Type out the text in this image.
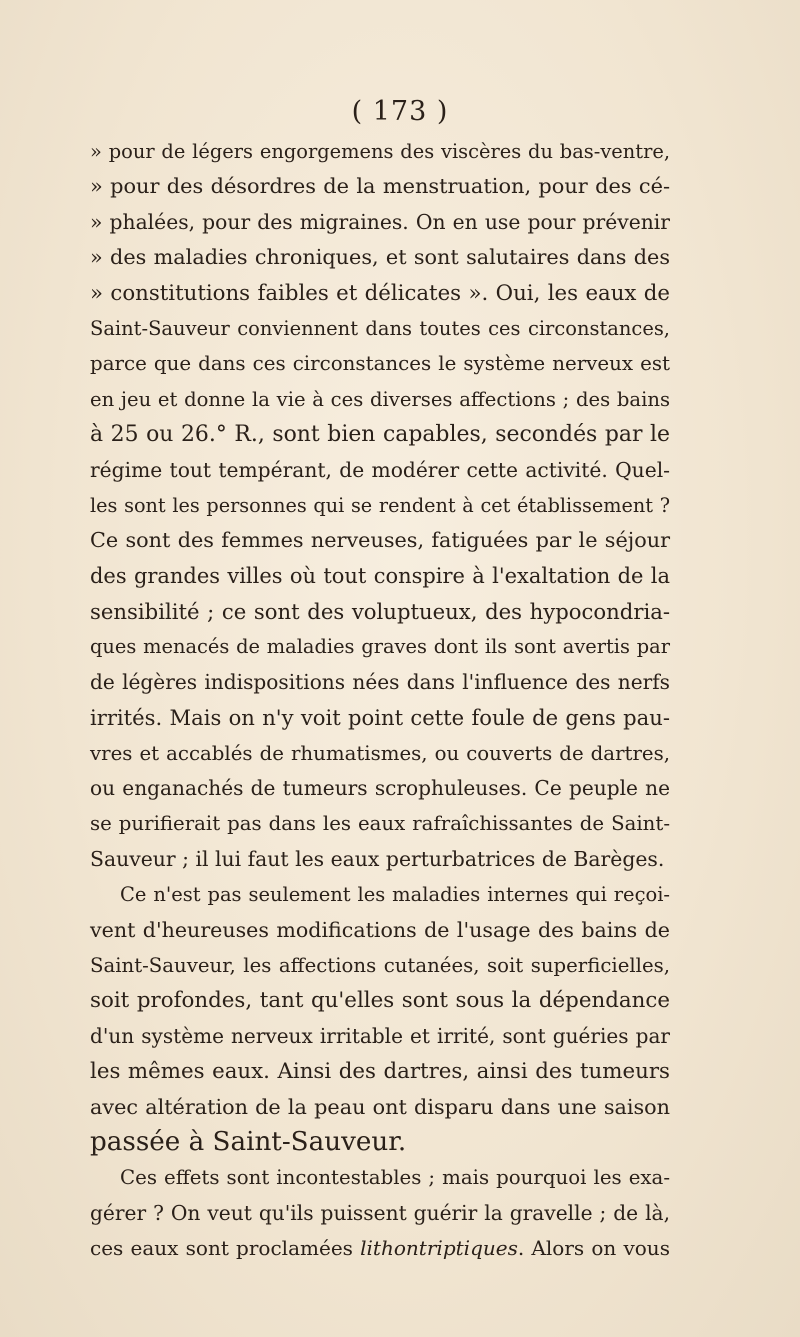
( 173 )
» pour de légers engorgemens des viscères du bas-ventre,
» pour des désordres de la menstruation, pour des cé-
» phalées, pour des migraines. On en use pour prévenir
» des maladies chroniques, et sont salutaires dans des
» constitutions faibles et délicates ». Oui, les eaux de
Saint-Sauveur conviennent dans toutes ces circonstances,
parce que dans ces circonstances le système nerveux est
en jeu et donne la vie à ces diverses affections ; des bains
à 25 ou 26.° R., sont bien capables, secondés par le
régime tout tempérant, de modérer cette activité. Quel-
les sont les personnes qui se rendent à cet établissement ?
Ce sont des femmes nerveuses, fatiguées par le séjour
des grandes villes où tout conspire à l'exaltation de la
sensibilité ; ce sont des voluptueux, des hypocondria-
ques menacés de maladies graves dont ils sont avertis par
de légères indispositions nées dans l'influence des nerfs
irrités. Mais on n'y voit point cette foule de gens pau-
vres et accablés de rhumatismes, ou couverts de dartres,
ou enganachés de tumeurs scrophuleuses. Ce peuple ne
se purifierait pas dans les eaux rafraîchissantes de Saint-
Sauveur ; il lui faut les eaux perturbatrices de Barèges.
Ce n'est pas seulement les maladies internes qui reçoi-
vent d'heureuses modifications de l'usage des bains de
Saint-Sauveur, les affections cutanées, soit superficielles,
soit profondes, tant qu'elles sont sous la dépendance
d'un système nerveux irritable et irrité, sont guéries par
les mêmes eaux. Ainsi des dartres, ainsi des tumeurs
avec altération de la peau ont disparu dans une saison
passée à Saint-Sauveur.
Ces effets sont incontestables ; mais pourquoi les exa-
gérer ? On veut qu'ils puissent guérir la gravelle ; de là,
ces eaux sont proclamées lithontriptiques. Alors on vous
